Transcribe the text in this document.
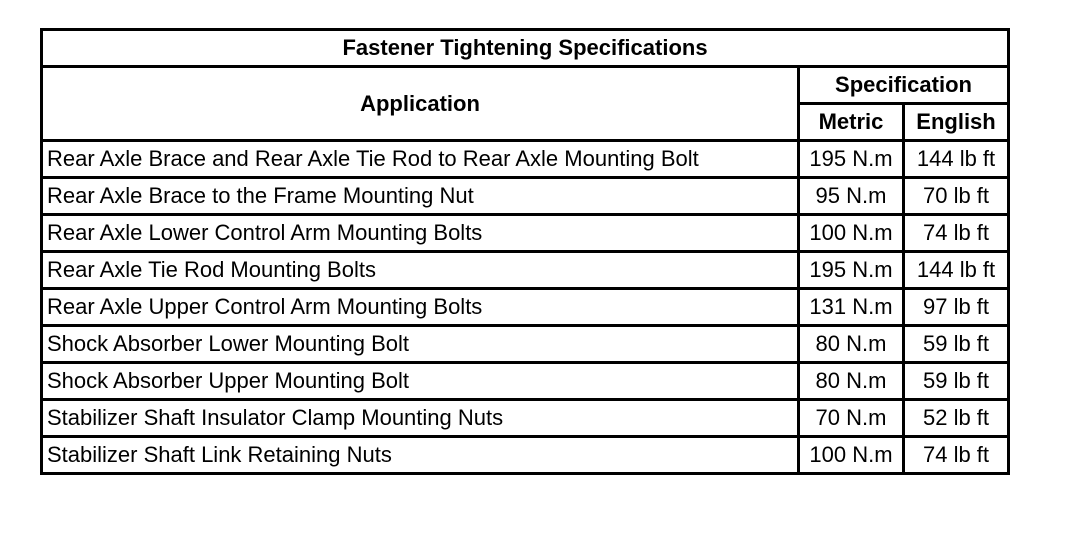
Fastener Tightening Specifications		
Application	Specification	
	Metric	English
Rear Axle Brace and Rear Axle Tie Rod to Rear Axle Mounting Bolt	195 N.m	144 lb ft
Rear Axle Brace to the Frame Mounting Nut	95 N.m	70 lb ft
Rear Axle Lower Control Arm Mounting Bolts	100 N.m	74 lb ft
Rear Axle Tie Rod Mounting Bolts	195 N.m	144 lb ft
Rear Axle Upper Control Arm Mounting Bolts	131 N.m	97 lb ft
Shock Absorber Lower Mounting Bolt	80 N.m	59 lb ft
Shock Absorber Upper Mounting Bolt	80 N.m	59 lb ft
Stabilizer Shaft Insulator Clamp Mounting Nuts	70 N.m	52 lb ft
Stabilizer Shaft Link Retaining Nuts	100 N.m	74 lb ft
